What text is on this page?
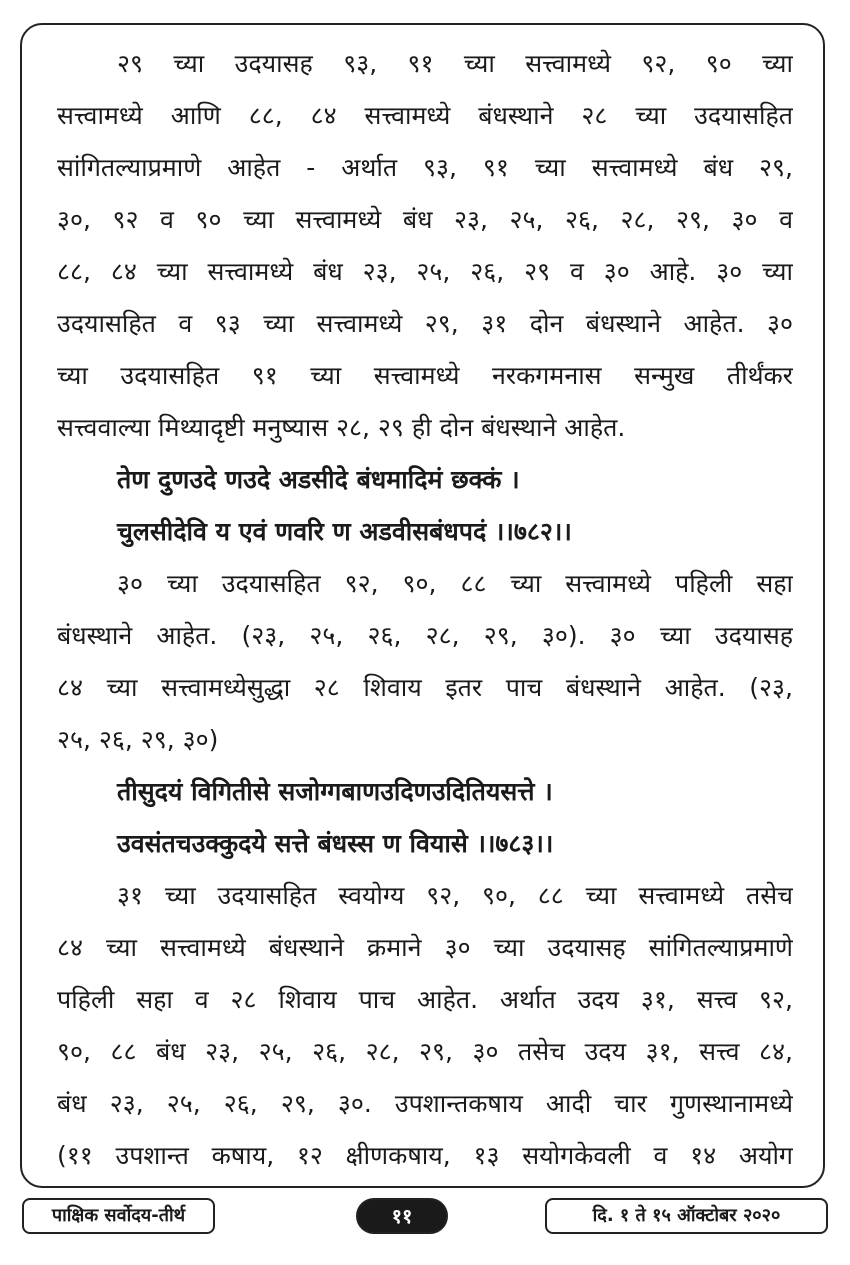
२९ च्या उदयासह ९३, ९१ च्या सत्त्वामध्ये ९२, ९० च्या
सत्त्वामध्ये आणि ८८, ८४ सत्त्वामध्ये बंधस्थाने २८ च्या उदयासहित
सांगितल्याप्रमाणे आहेत - अर्थात ९३, ९१ च्या सत्त्वामध्ये बंध २९,
३०, ९२ व ९० च्या सत्त्वामध्ये बंध २३, २५, २६, २८, २९, ३० व
८८, ८४ च्या सत्त्वामध्ये बंध २३, २५, २६, २९ व ३० आहे. ३० च्या
उदयासहित व ९३ च्या सत्त्वामध्ये २९, ३१ दोन बंधस्थाने आहेत. ३०
च्या उदयासहित ९१ च्या सत्त्वामध्ये नरकगमनास सन्मुख तीर्थंकर
सत्त्ववाल्या मिथ्यादृष्टी मनुष्यास २८, २९ ही दोन बंधस्थाने आहेत.
तेण दुणउदे णउदे अडसीदे बंधमादिमं छक्कं ।
चुलसीदेवि य एवं णवरि ण अडवीसबंधपदं ।।७८२।।
३० च्या उदयासहित ९२, ९०, ८८ च्या सत्त्वामध्ये पहिली सहा
बंधस्थाने आहेत. (२३, २५, २६, २८, २९, ३०). ३० च्या उदयासह
८४ च्या सत्त्वामध्येसुद्धा २८ शिवाय इतर पाच बंधस्थाने आहेत. (२३,
२५, २६, २९, ३०)
तीसुदयं विगितीसे सजोग्गबाणउदिणउदितियसत्ते ।
उवसंतचउक्कुदये सत्ते बंधस्स ण वियासे ।।७८३।।
३१ च्या उदयासहित स्वयोग्य ९२, ९०, ८८ च्या सत्त्वामध्ये तसेच
८४ च्या सत्त्वामध्ये बंधस्थाने क्रमाने ३० च्या उदयासह सांगितल्याप्रमाणे
पहिली सहा व २८ शिवाय पाच आहेत. अर्थात उदय ३१, सत्त्व ९२,
९०, ८८ बंध २३, २५, २६, २८, २९, ३० तसेच उदय ३१, सत्त्व ८४,
बंध २३, २५, २६, २९, ३०. उपशान्तकषाय आदी चार गुणस्थानामध्ये
(११ उपशान्त कषाय, १२ क्षीणकषाय, १३ सयोगकेवली व १४ अयोग
पाक्षिक सर्वोदय-तीर्थ	११	दि. १ ते १५ ऑक्टोबर २०२०
